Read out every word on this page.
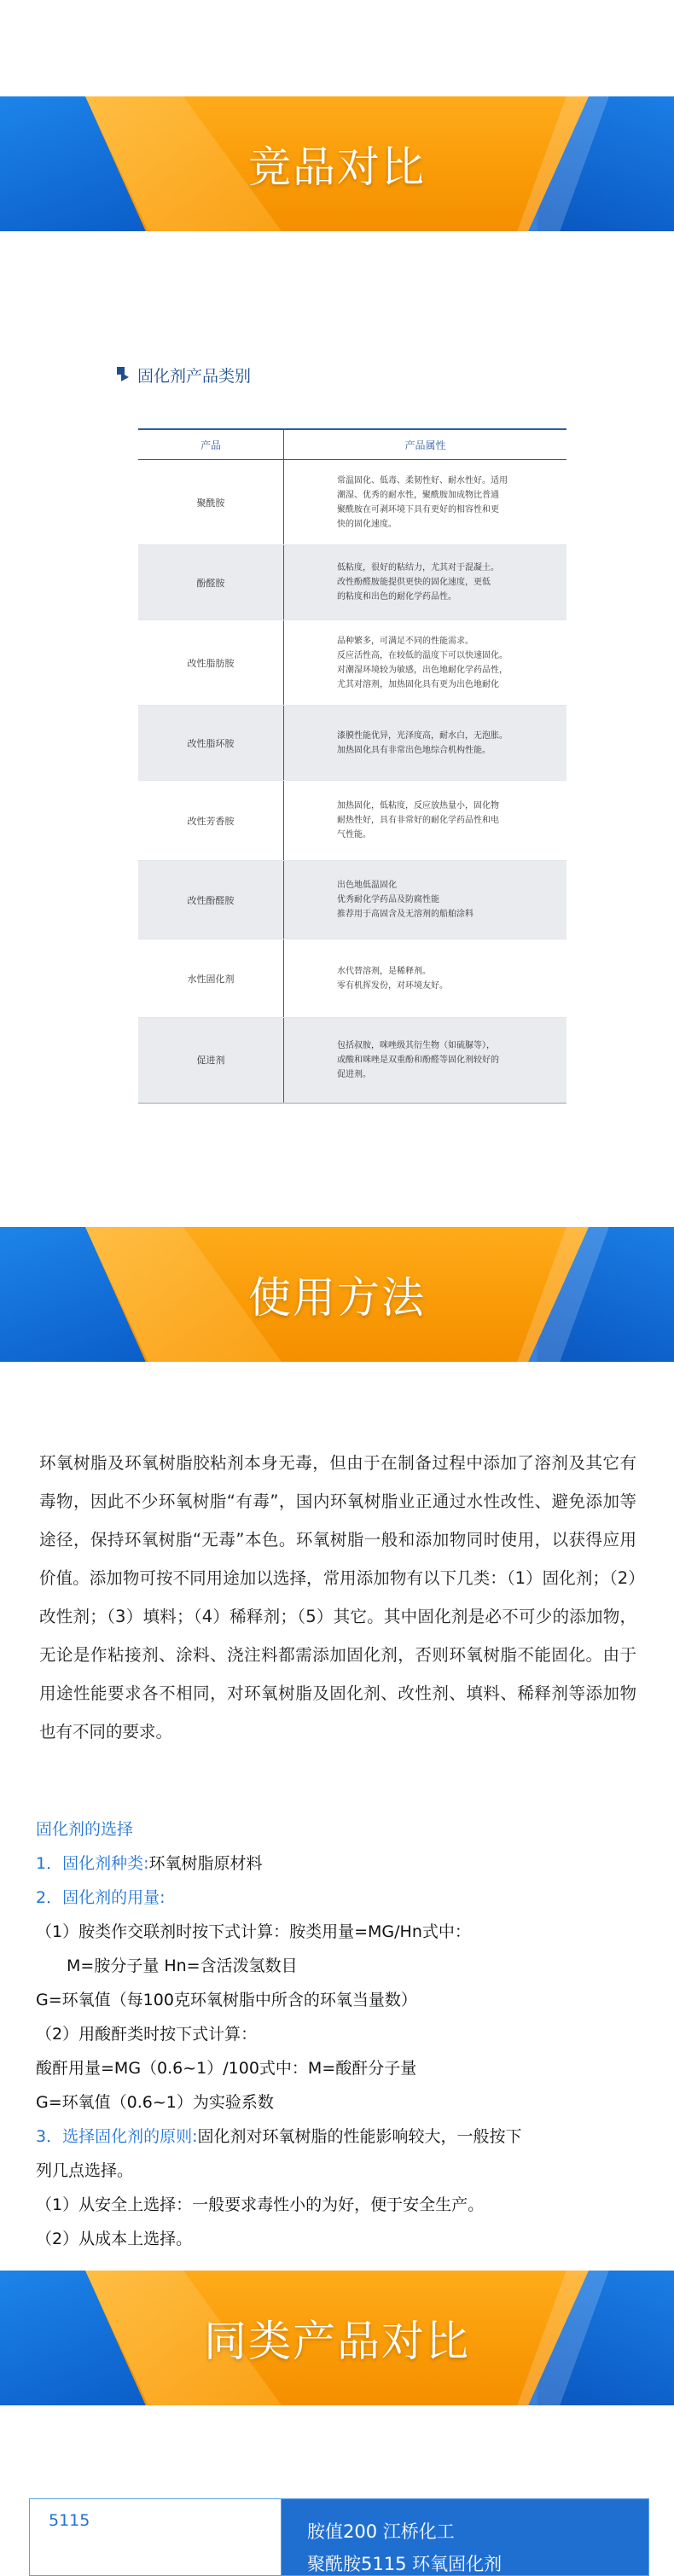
竞品对比
固化剂产品类别
产品	产品属性
聚酰胺	常温固化、低毒、柔韧性好、耐水性好。适用
潮湿、优秀的耐水性，聚酰胺加成物比普通
聚酰胺在可剥环境下具有更好的相容性和更
快的固化速度。

酚醛胺	低粘度，很好的粘结力，尤其对于混凝土。
改性酚醛胺能提供更快的固化速度，更低
的粘度和出色的耐化学药品性。

改性脂肪胺	品种繁多，可满足不同的性能需求。
反应活性高，在较低的温度下可以快速固化。
对潮湿环境较为敏感，出色地耐化学药品性，
尤其对溶剂，加热固化具有更为出色地耐化

改性脂环胺	漆膜性能优异，光泽度高，耐水白，无泡胀。
加热固化具有非常出色地综合机构性能。

改性芳香胺	加热固化，低粘度，反应放热量小，固化物
耐热性好，具有非常好的耐化学药品性和电
气性能。

改性酚醛胺	出色地低温固化
优秀耐化学药品及防腐性能
推荐用于高固含及无溶剂的船舶涂料

水性固化剂	水代替溶剂，是稀释剂。
零有机挥发份，对环境友好。

促进剂	包括叔胺，咪唑级其衍生物（如硫脲等），
或酸和咪唑是双重酚和酚醛等固化剂较好的
促进剂。
使用方法
环氧树脂及环氧树脂胶粘剂本身无毒，但由于在制备过程中添加了溶剂及其它有毒物，因此不少环氧树脂“有毒”，国内环氧树脂业正通过水性改性、避免添加等途径，保持环氧树脂“无毒”本色。环氧树脂一般和添加物同时使用，以获得应用价值。添加物可按不同用途加以选择，常用添加物有以下几类：（1）固化剂；（2）改性剂；（3）填料；（4）稀释剂；（5）其它。其中固化剂是必不可少的添加物，无论是作粘接剂、涂料、浇注料都需添加固化剂，否则环氧树脂不能固化。由于用途性能要求各不相同，对环氧树脂及固化剂、改性剂、填料、稀释剂等添加物也有不同的要求。
固化剂的选择
1．固化剂种类:环氧树脂原材料
2．固化剂的用量:
（1）胺类作交联剂时按下式计算：胺类用量=MG/Hn式中：
M=胺分子量 Hn=含活泼氢数目
G=环氧值（每100克环氧树脂中所含的环氧当量数）
（2）用酸酐类时按下式计算：
酸酐用量=MG（0.6~1）/100式中：M=酸酐分子量
G=环氧值（0.6~1）为实验系数
3．选择固化剂的原则:固化剂对环氧树脂的性能影响较大，一般按下
列几点选择。
（1）从安全上选择：一般要求毒性小的为好，便于安全生产。
（2）从成本上选择。
同类产品对比
5115
胺值200 江桥化工
聚酰胺5115 环氧固化剂
